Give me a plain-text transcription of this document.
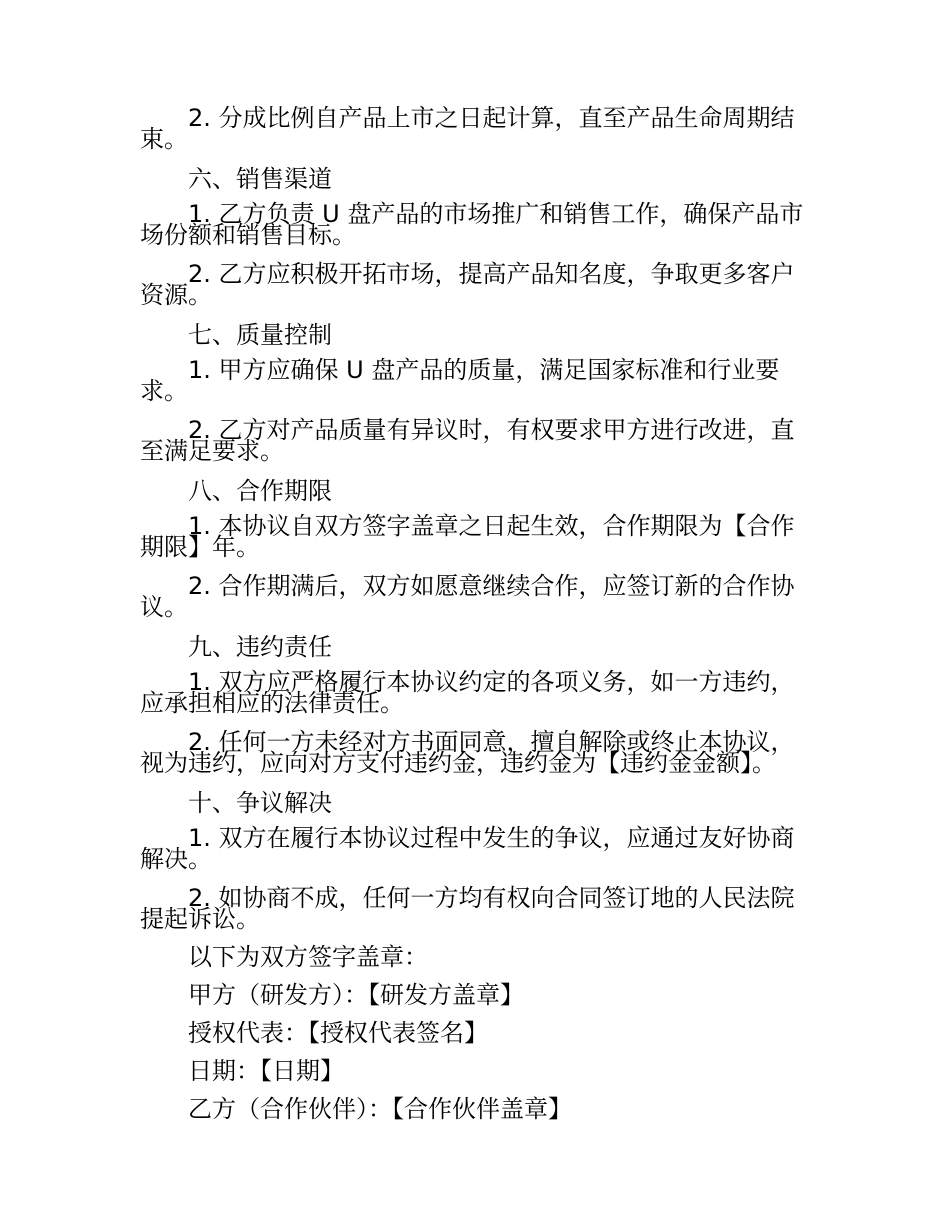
2. 分成比例自产品上市之日起计算，直至产品生命周期结束。

六、销售渠道

1. 乙方负责 U 盘产品的市场推广和销售工作，确保产品市场份额和销售目标。

2. 乙方应积极开拓市场，提高产品知名度，争取更多客户资源。

七、质量控制

1. 甲方应确保 U 盘产品的质量，满足国家标准和行业要求。

2. 乙方对产品质量有异议时，有权要求甲方进行改进，直至满足要求。

八、合作期限

1. 本协议自双方签字盖章之日起生效，合作期限为【合作期限】年。

2. 合作期满后，双方如愿意继续合作，应签订新的合作协议。

九、违约责任

1. 双方应严格履行本协议约定的各项义务，如一方违约，应承担相应的法律责任。

2. 任何一方未经对方书面同意，擅自解除或终止本协议，视为违约，应向对方支付违约金，违约金为【违约金金额】。

十、争议解决

1. 双方在履行本协议过程中发生的争议，应通过友好协商解决。

2. 如协商不成，任何一方均有权向合同签订地的人民法院提起诉讼。

以下为双方签字盖章：

甲方（研发方）：【研发方盖章】

授权代表：【授权代表签名】

日期：【日期】

乙方（合作伙伴）：【合作伙伴盖章】
